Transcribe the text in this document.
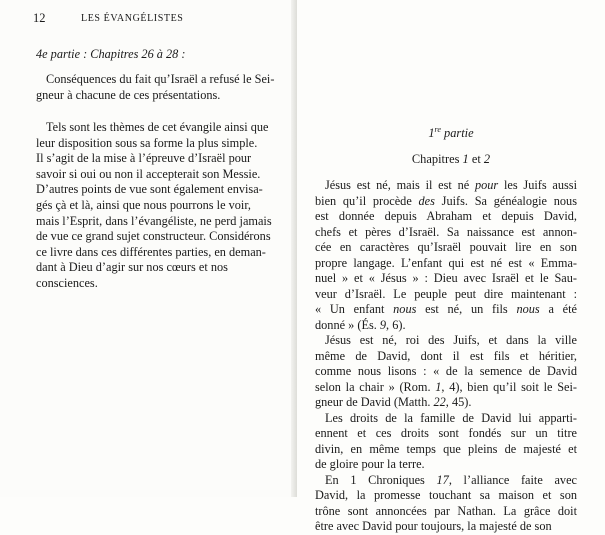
12	LES ÉVANGÉLISTES

4e partie : Chapitres 26 à 28 :

Conséquences du fait qu’Israël a refusé le Sei-
gneur à chacune de ces présentations.

Tels sont les thèmes de cet évangile ainsi que
leur disposition sous sa forme la plus simple.
Il s’agit de la mise à l’épreuve d’Israël pour
savoir si oui ou non il accepterait son Messie.
D’autres points de vue sont également envisa-
gés çà et là, ainsi que nous pourrons le voir,
mais l’Esprit, dans l’évangéliste, ne perd jamais
de vue ce grand sujet constructeur. Considérons
ce livre dans ces différentes parties, en deman-
dant à Dieu d’agir sur nos cœurs et nos
consciences.

1re partie

Chapitres 1 et 2

Jésus est né, mais il est né pour les Juifs aussi

bien qu’il procède des Juifs. Sa généalogie nous

est donnée depuis Abraham et depuis David,

chefs et pères d’Israël. Sa naissance est annon-

cée en caractères qu’Israël pouvait lire en son

propre langage. L’enfant qui est né est « Emma-

nuel » et « Jésus » : Dieu avec Israël et le Sau-

veur d’Israël. Le peuple peut dire maintenant :

« Un enfant nous est né, un fils nous a été

donné » (És. 9, 6).

Jésus est né, roi des Juifs, et dans la ville

même de David, dont il est fils et héritier,

comme nous lisons : « de la semence de David

selon la chair » (Rom. 1, 4), bien qu’il soit le Sei-

gneur de David (Matth. 22, 45).

Les droits de la famille de David lui apparti-

ennent et ces droits sont fondés sur un titre

divin, en même temps que pleins de majesté et

de gloire pour la terre.

En 1 Chroniques 17, l’alliance faite avec

David, la promesse touchant sa maison et son

trône sont annoncées par Nathan. La grâce doit

être avec David pour toujours, la majesté de son
